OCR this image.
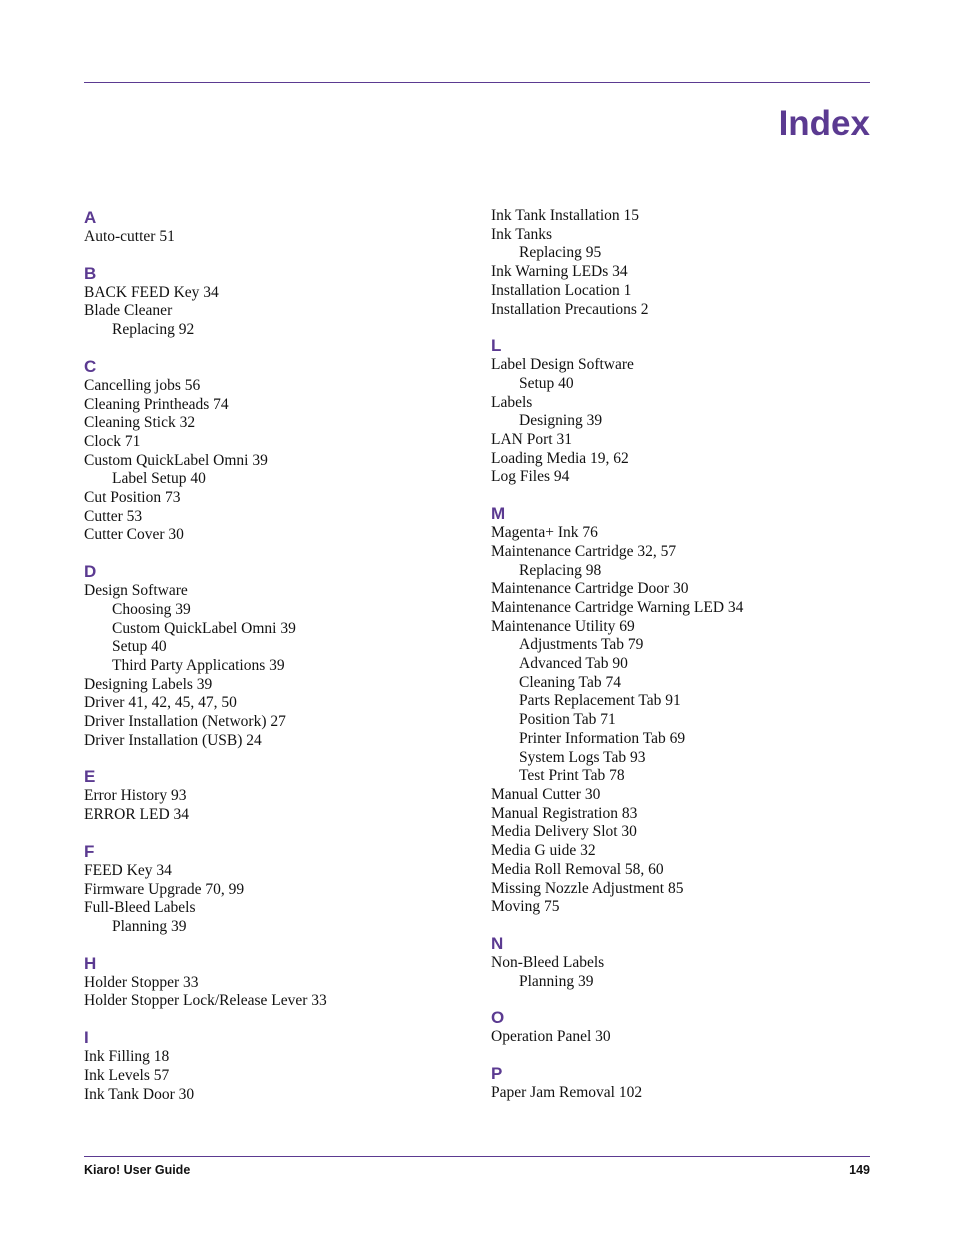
Index
A
Auto-cutter 51
B
BACK FEED Key 34
Blade Cleaner
Replacing 92
C
Cancelling jobs 56
Cleaning Printheads 74
Cleaning Stick 32
Clock 71
Custom QuickLabel Omni 39
Label Setup 40
Cut Position 73
Cutter 53
Cutter Cover 30
D
Design Software
Choosing 39
Custom QuickLabel Omni 39
Setup 40
Third Party Applications 39
Designing Labels 39
Driver 41, 42, 45, 47, 50
Driver Installation (Network) 27
Driver Installation (USB) 24
E
Error History 93
ERROR LED 34
F
FEED Key 34
Firmware Upgrade 70, 99
Full-Bleed Labels
Planning 39
H
Holder Stopper 33
Holder Stopper Lock/Release Lever 33
I
Ink Filling 18
Ink Levels 57
Ink Tank Door 30
Ink Tank Installation 15
Ink Tanks
Replacing 95
Ink Warning LEDs 34
Installation Location 1
Installation Precautions 2
L
Label Design Software
Setup 40
Labels
Designing 39
LAN Port 31
Loading Media 19, 62
Log Files 94
M
Magenta+ Ink 76
Maintenance Cartridge 32, 57
Replacing 98
Maintenance Cartridge Door 30
Maintenance Cartridge Warning LED 34
Maintenance Utility 69
Adjustments Tab 79
Advanced Tab 90
Cleaning Tab 74
Parts Replacement Tab 91
Position Tab 71
Printer Information Tab 69
System Logs Tab 93
Test Print Tab 78
Manual Cutter 30
Manual Registration 83
Media Delivery Slot 30
Media G uide 32
Media Roll Removal 58, 60
Missing Nozzle Adjustment 85
Moving 75
N
Non-Bleed Labels
Planning 39
O
Operation Panel 30
P
Paper Jam Removal 102
Kiaro! User Guide	149
